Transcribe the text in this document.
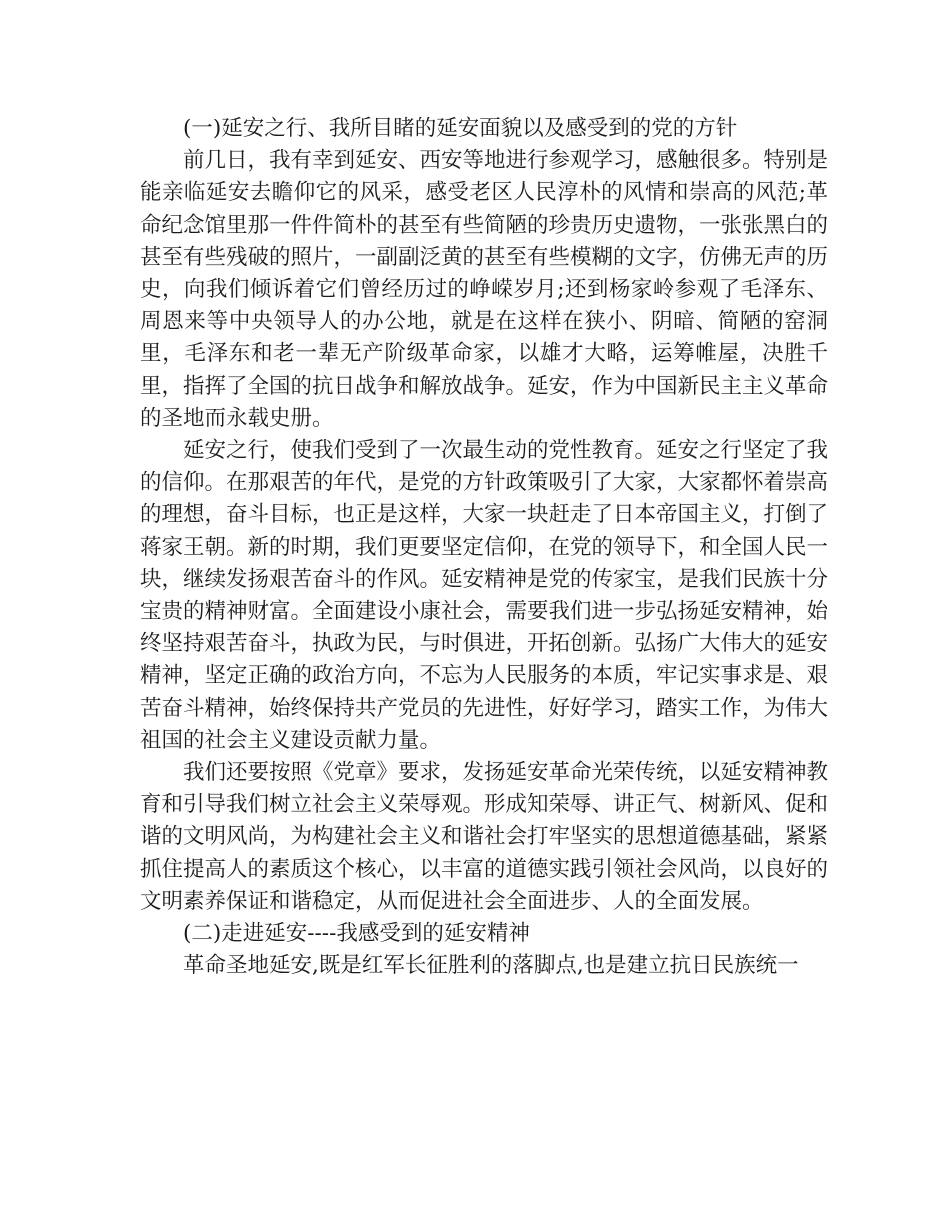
(一)延安之行、我所目睹的延安面貌以及感受到的党的方针

前几日，我有幸到延安、西安等地进行参观学习，感触很多。特别是能亲临延安去瞻仰它的风采，感受老区人民淳朴的风情和崇高的风范;革命纪念馆里那一件件简朴的甚至有些简陋的珍贵历史遗物，一张张黑白的甚至有些残破的照片，一副副泛黄的甚至有些模糊的文字，仿佛无声的历史，向我们倾诉着它们曾经历过的峥嵘岁月;还到杨家岭参观了毛泽东、周恩来等中央领导人的办公地，就是在这样在狭小、阴暗、简陋的窑洞里，毛泽东和老一辈无产阶级革命家，以雄才大略，运筹帷屋，决胜千里，指挥了全国的抗日战争和解放战争。延安，作为中国新民主主义革命的圣地而永载史册。

延安之行，使我们受到了一次最生动的党性教育。延安之行坚定了我的信仰。在那艰苦的年代，是党的方针政策吸引了大家，大家都怀着崇高的理想，奋斗目标，也正是这样，大家一块赶走了日本帝国主义，打倒了蒋家王朝。新的时期，我们更要坚定信仰，在党的领导下，和全国人民一块，继续发扬艰苦奋斗的作风。延安精神是党的传家宝，是我们民族十分宝贵的精神财富。全面建设小康社会，需要我们进一步弘扬延安精神，始终坚持艰苦奋斗，执政为民，与时俱进，开拓创新。弘扬广大伟大的延安精神，坚定正确的政治方向，不忘为人民服务的本质，牢记实事求是、艰苦奋斗精神，始终保持共产党员的先进性，好好学习，踏实工作，为伟大祖国的社会主义建设贡献力量。

我们还要按照《党章》要求，发扬延安革命光荣传统，以延安精神教育和引导我们树立社会主义荣辱观。形成知荣辱、讲正气、树新风、促和谐的文明风尚，为构建社会主义和谐社会打牢坚实的思想道德基础，紧紧抓住提高人的素质这个核心，以丰富的道德实践引领社会风尚，以良好的文明素养保证和谐稳定，从而促进社会全面进步、人的全面发展。

(二)走进延安----我感受到的延安精神

革命圣地延安,既是红军长征胜利的落脚点,也是建立抗日民族统一
